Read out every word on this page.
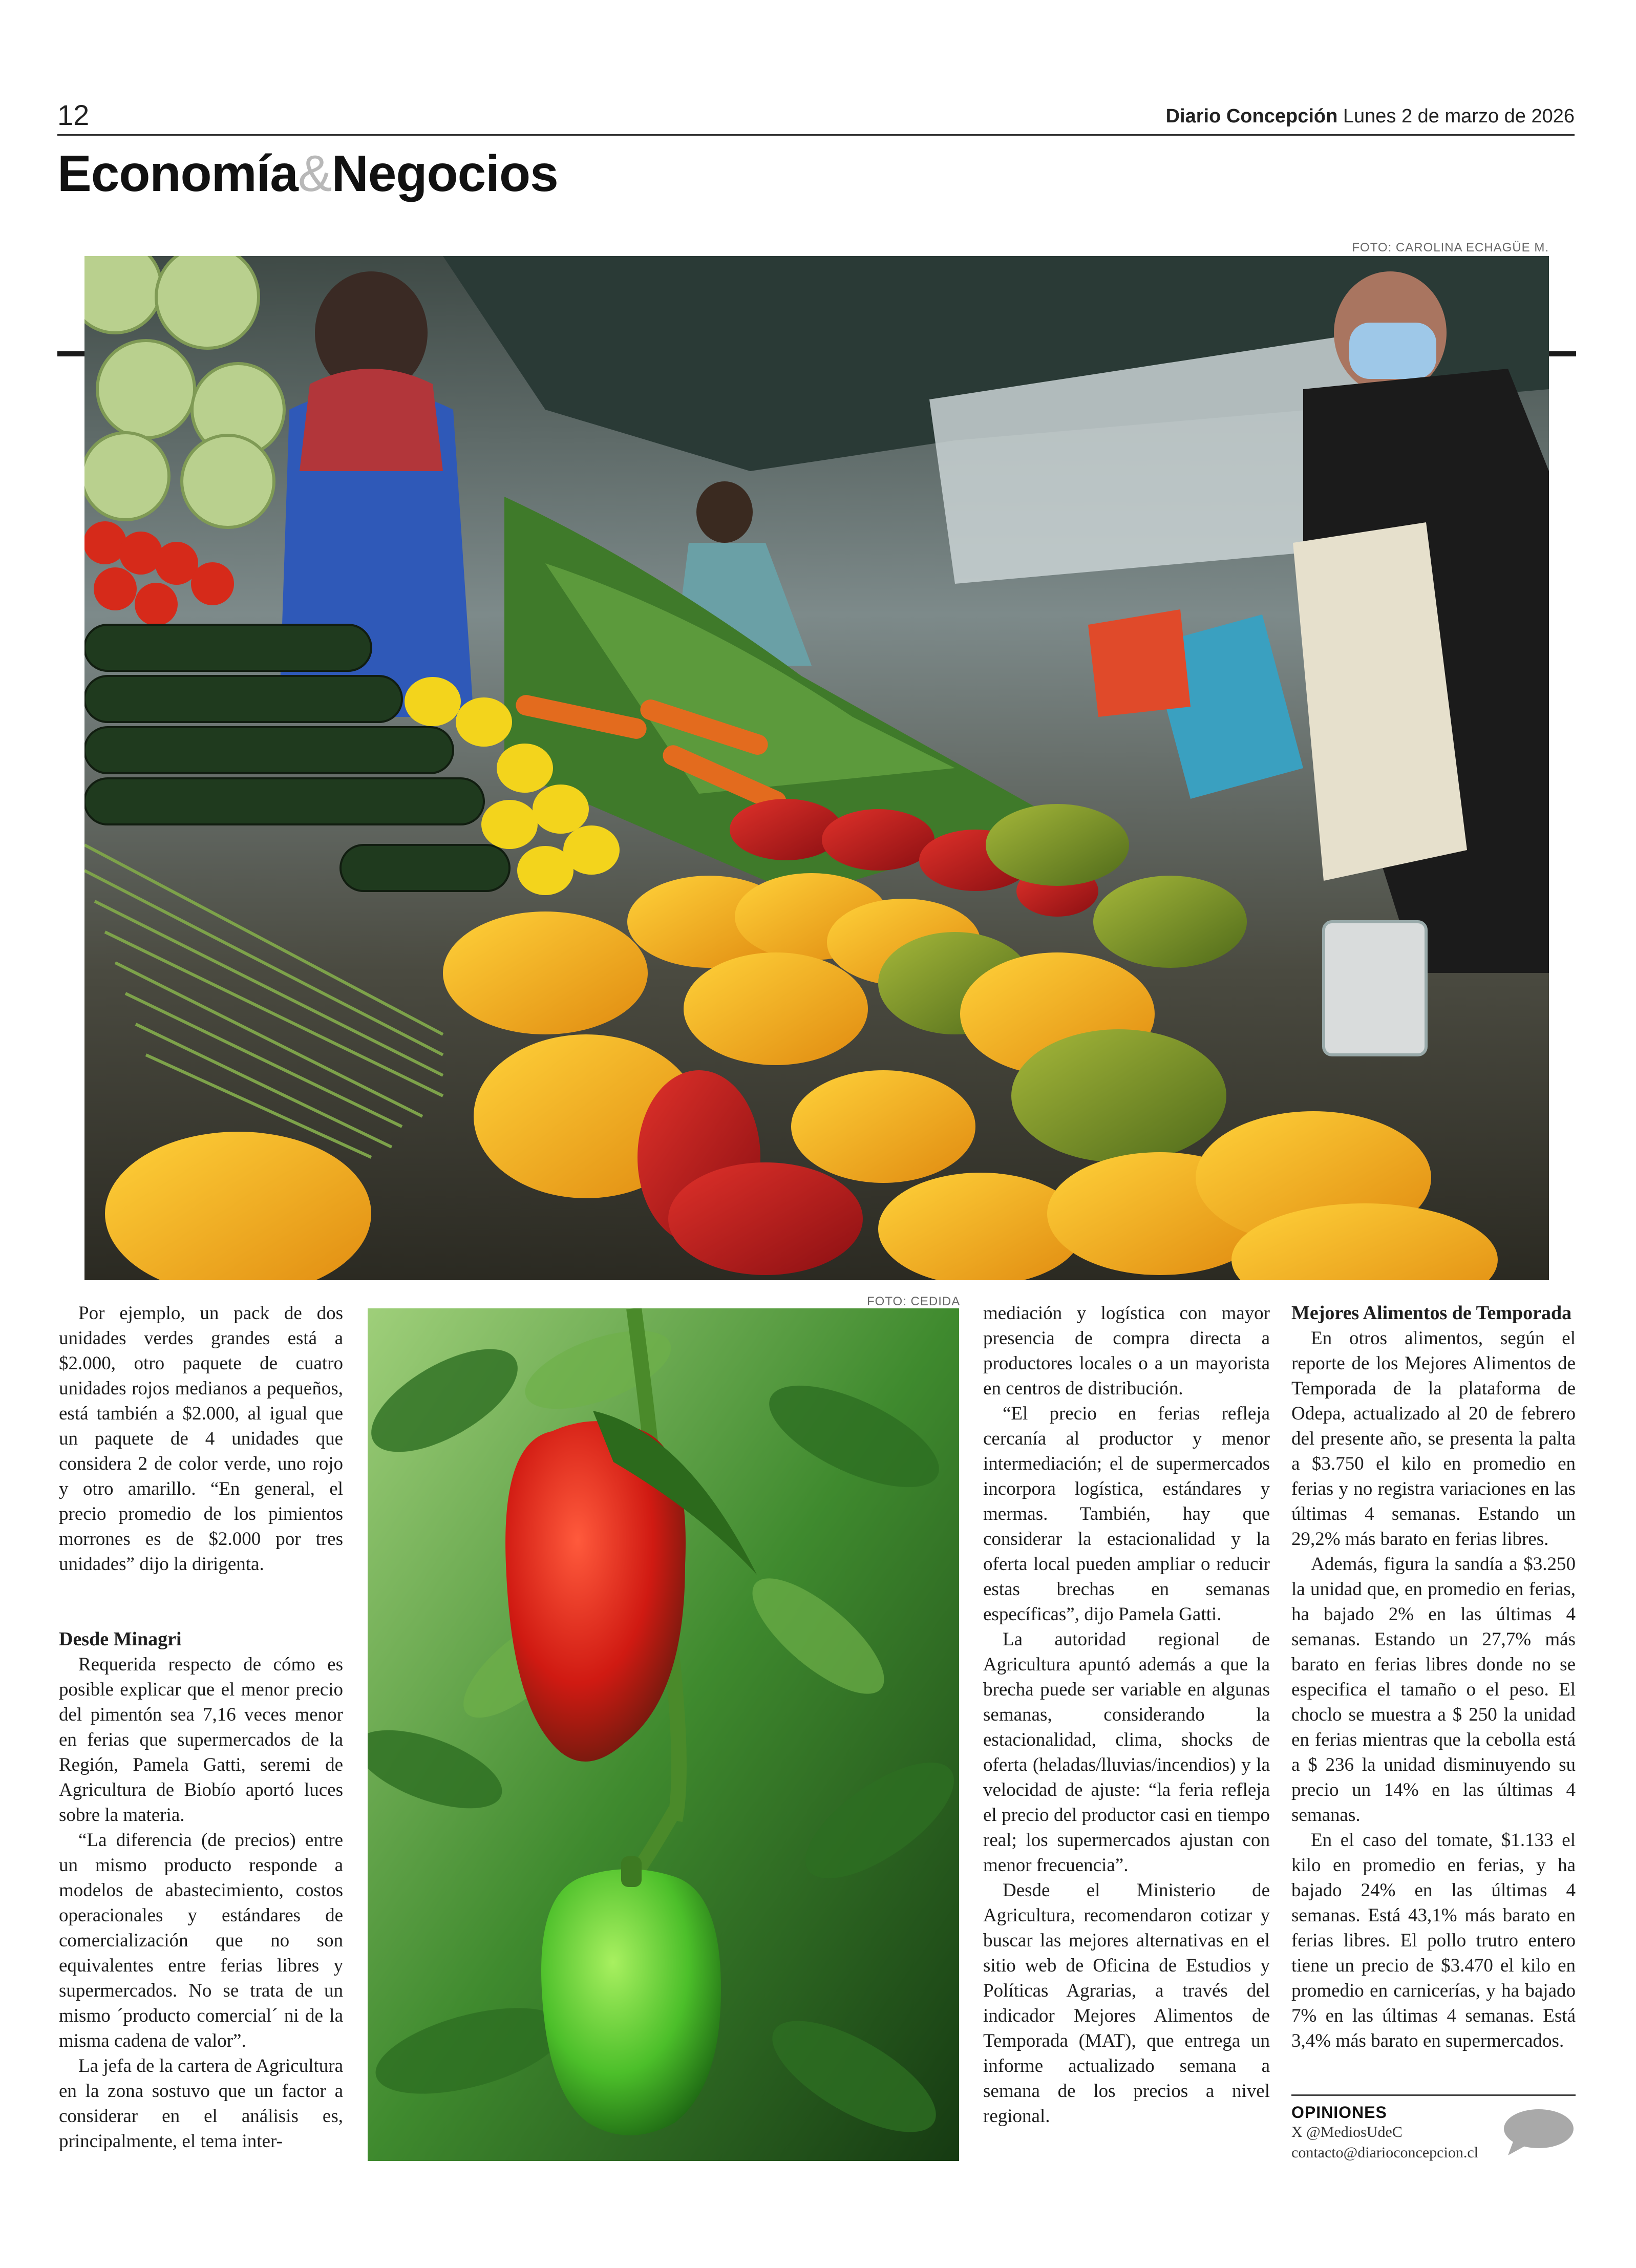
12	Diario Concepción Lunes 2 de marzo de 2026
Economía&Negocios
FOTO: CAROLINA ECHAGÜE M.

Por ejemplo, un pack de dos unidades verdes grandes está a $2.000, otro paquete de cuatro unidades rojos medianos a pequeños, está también a $2.000, al igual que un paquete de 4 unidades que considera 2 de color verde, uno rojo y otro amarillo. “En general, el precio promedio de los pimientos morrones es de $2.000 por tres unidades” dijo la dirigenta.

Desde Minagri

Requerida respecto de cómo es posible explicar que el menor precio del pimentón sea 7,16 veces menor en ferias que supermercados de la Región, Pamela Gatti, seremi de Agricultura de Biobío aportó luces sobre la materia.

“La diferencia (de precios) entre un mismo producto responde a modelos de abastecimiento, costos operacionales y estándares de comercialización que no son equivalentes entre ferias libres y supermercados. No se trata de un mismo ´producto comercial´ ni de la misma cadena de valor”.

La jefa de la cartera de Agricultura en la zona sostuvo que un factor a considerar en el análisis es, principalmente, el tema inter-

FOTO: CEDIDA

mediación y logística con mayor presencia de compra directa a productores locales o a un mayorista en centros de distribución.

“El precio en ferias refleja cercanía al productor y menor intermediación; el de supermercados incorpora logística, estándares y mermas. También, hay que considerar la estacionalidad y la oferta local pueden ampliar o reducir estas brechas en semanas específicas”, dijo Pamela Gatti.

La autoridad regional de Agricultura apuntó además a que la brecha puede ser variable en algunas semanas, considerando la estacionalidad, clima, shocks de oferta (heladas/lluvias/incendios) y la velocidad de ajuste: “la feria refleja el precio del productor casi en tiempo real; los supermercados ajustan con menor frecuencia”.

Desde el Ministerio de Agricultura, recomendaron cotizar y buscar las mejores alternativas en el sitio web de Oficina de Estudios y Políticas Agrarias, a través del indicador Mejores Alimentos de Temporada (MAT), que entrega un informe actualizado semana a semana de los precios a nivel regional.

Mejores Alimentos de Temporada

En otros alimentos, según el reporte de los Mejores Alimentos de Temporada de la plataforma de Odepa, actualizado al 20 de febrero del presente año, se presenta la palta a $3.750 el kilo en promedio en ferias y no registra variaciones en las últimas 4 semanas. Estando un 29,2% más barato en ferias libres.

Además, figura la sandía a $3.250 la unidad que, en promedio en ferias, ha bajado 2% en las últimas 4 semanas. Estando un 27,7% más barato en ferias libres donde no se especifica el tamaño o el peso. El choclo se muestra a $ 250 la unidad en ferias mientras que la cebolla está a $ 236 la unidad disminuyendo su precio un 14% en las últimas 4 semanas.

En el caso del tomate, $1.133 el kilo en promedio en ferias, y ha bajado 24% en las últimas 4 semanas. Está 43,1% más barato en ferias libres. El pollo trutro entero tiene un precio de $3.470 el kilo en promedio en carnicerías, y ha bajado 7% en las últimas 4 semanas. Está 3,4% más barato en supermercados.

OPINIONES
X @MediosUdeC
contacto@diarioconcepcion.cl
